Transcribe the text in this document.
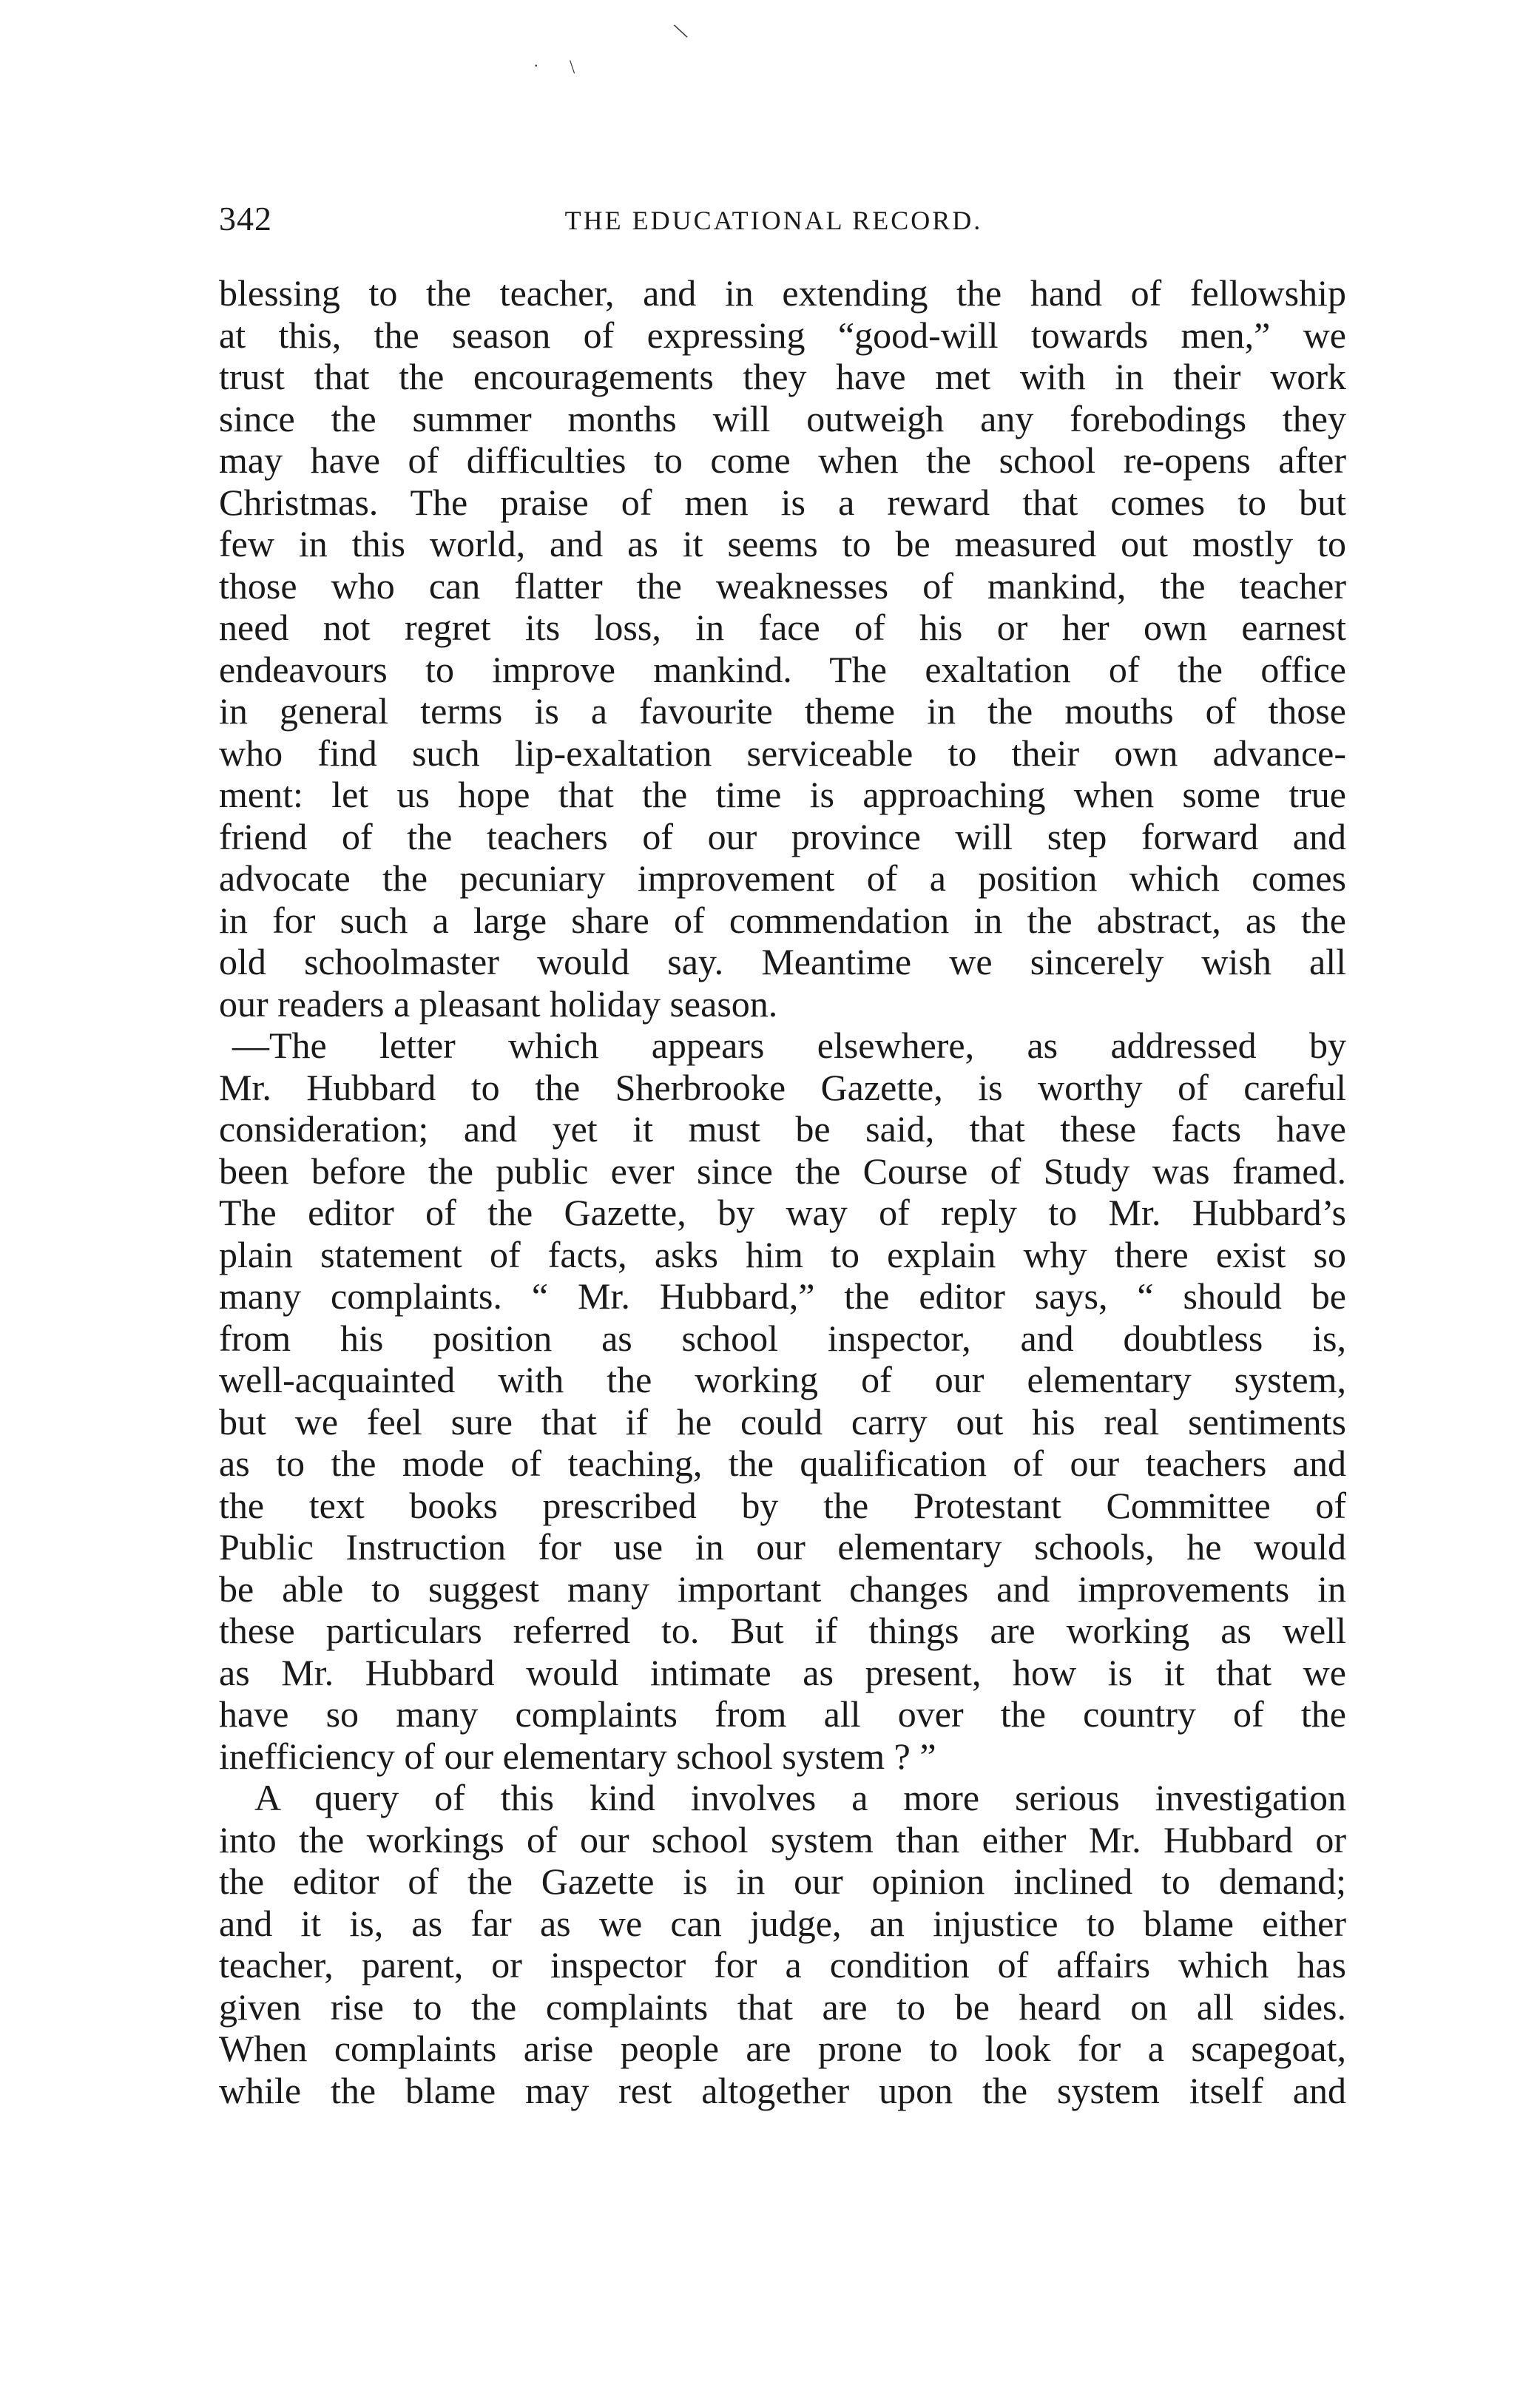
\
. \
342	THE EDUCATIONAL RECORD.
blessing to the teacher, and in extending the hand of fellowship
at this, the season of expressing “good-will towards men,” we
trust that the encouragements they have met with in their work
since the summer months will outweigh any forebodings they
may have of difficulties to come when the school re-opens after
Christmas. The praise of men is a reward that comes to but
few in this world, and as it seems to be measured out mostly to
those who can flatter the weaknesses of mankind, the teacher
need not regret its loss, in face of his or her own earnest
endeavours to improve mankind. The exaltation of the office
in general terms is a favourite theme in the mouths of those
who find such lip-exaltation serviceable to their own advance-
ment: let us hope that the time is approaching when some true
friend of the teachers of our province will step forward and
advocate the pecuniary improvement of a position which comes
in for such a large share of commendation in the abstract, as the
old schoolmaster would say. Meantime we sincerely wish all
our readers a pleasant holiday season.
—The letter which appears elsewhere, as addressed by
Mr. Hubbard to the Sherbrooke Gazette, is worthy of careful
consideration; and yet it must be said, that these facts have
been before the public ever since the Course of Study was framed.
The editor of the Gazette, by way of reply to Mr. Hubbard’s
plain statement of facts, asks him to explain why there exist so
many complaints. “ Mr. Hubbard,” the editor says, “ should be
from his position as school inspector, and doubtless is,
well-acquainted with the working of our elementary system,
but we feel sure that if he could carry out his real sentiments
as to the mode of teaching, the qualification of our teachers and
the text books prescribed by the Protestant Committee of
Public Instruction for use in our elementary schools, he would
be able to suggest many important changes and improvements in
these particulars referred to. But if things are working as well
as Mr. Hubbard would intimate as present, how is it that we
have so many complaints from all over the country of the
inefficiency of our elementary school system ? ”
A query of this kind involves a more serious investigation
into the workings of our school system than either Mr. Hubbard or
the editor of the Gazette is in our opinion inclined to demand;
and it is, as far as we can judge, an injustice to blame either
teacher, parent, or inspector for a condition of affairs which has
given rise to the complaints that are to be heard on all sides.
When complaints arise people are prone to look for a scapegoat,
while the blame may rest altogether upon the system itself and
